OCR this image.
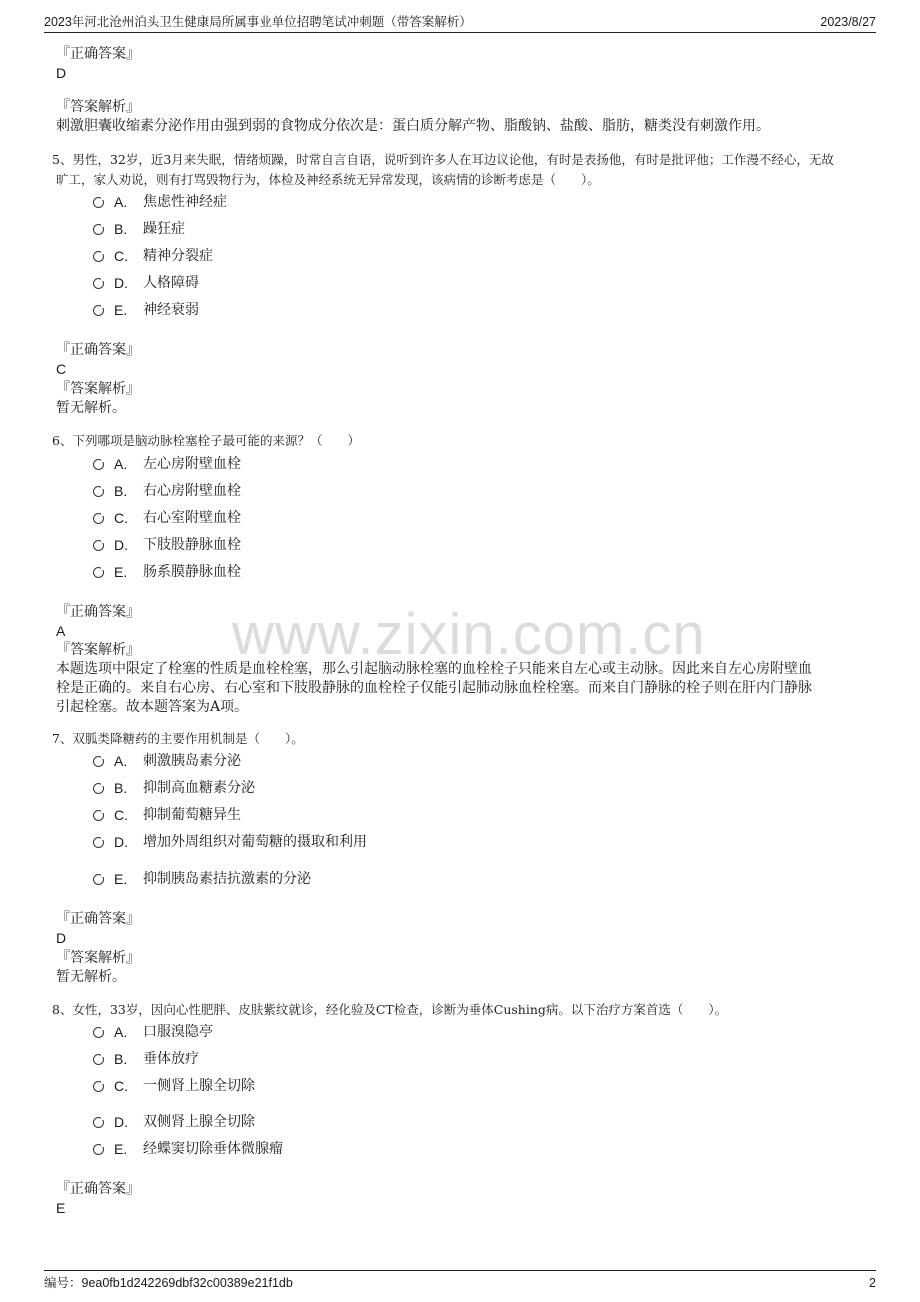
2023年河北沧州泊头卫生健康局所属事业单位招聘笔试冲刺题（带答案解析）	2023/8/27
www.zixin.com.cn
『正确答案』
D
『答案解析』
刺激胆囊收缩素分泌作用由强到弱的食物成分依次是：蛋白质分解产物、脂酸钠、盐酸、脂肪，糖类没有刺激作用。
5、男性，32岁，近3月来失眠，情绪烦躁，时常自言自语，说听到许多人在耳边议论他，有时是表扬他，有时是批评他；工作漫不经心，无故
旷工，家人劝说，则有打骂毁物行为，体检及神经系统无异常发现，该病情的诊断考虑是（　　）。
A. 焦虑性神经症
B. 躁狂症
C. 精神分裂症
D. 人格障碍
E. 神经衰弱
『正确答案』
C
『答案解析』
暂无解析。
6、下列哪项是脑动脉栓塞栓子最可能的来源？（　　）
A. 左心房附壁血栓
B. 右心房附壁血栓
C. 右心室附壁血栓
D. 下肢股静脉血栓
E. 肠系膜静脉血栓
『正确答案』
A
『答案解析』
本题选项中限定了栓塞的性质是血栓栓塞，那么引起脑动脉栓塞的血栓栓子只能来自左心或主动脉。因此来自左心房附壁血
栓是正确的。来自右心房、右心室和下肢股静脉的血栓栓子仅能引起肺动脉血栓栓塞。而来自门静脉的栓子则在肝内门静脉
引起栓塞。故本题答案为A项。
7、双胍类降糖药的主要作用机制是（　　）。
A. 刺激胰岛素分泌
B. 抑制高血糖素分泌
C. 抑制葡萄糖异生
D. 增加外周组织对葡萄糖的摄取和利用
E. 抑制胰岛素拮抗激素的分泌
『正确答案』
D
『答案解析』
暂无解析。
8、女性，33岁，因向心性肥胖、皮肤紫纹就诊，经化验及CT检查，诊断为垂体Cushing病。以下治疗方案首选（　　）。
A. 口服溴隐亭
B. 垂体放疗
C. 一侧肾上腺全切除
D. 双侧肾上腺全切除
E. 经蝶窦切除垂体微腺瘤
『正确答案』
E
编号：9ea0fb1d242269dbf32c00389e21f1db	2
